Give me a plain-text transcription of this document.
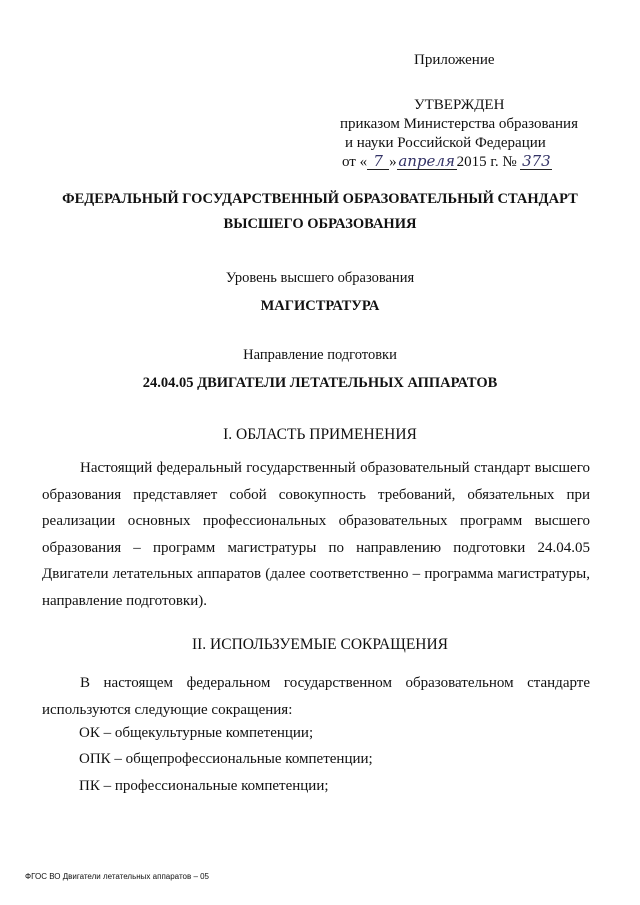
Приложение
УТВЕРЖДЕН
приказом Министерства образования
и науки Российской Федерации
от « 7 » апреля 2015 г. № 373
ФЕДЕРАЛЬНЫЙ ГОСУДАРСТВЕННЫЙ ОБРАЗОВАТЕЛЬНЫЙ СТАНДАРТ
ВЫСШЕГО ОБРАЗОВАНИЯ
Уровень высшего образования
МАГИСТРАТУРА
Направление подготовки
24.04.05 ДВИГАТЕЛИ ЛЕТАТЕЛЬНЫХ АППАРАТОВ
I. ОБЛАСТЬ ПРИМЕНЕНИЯ

Настоящий федеральный государственный образовательный стандарт высшего образования представляет собой совокупность требований, обязательных при реализации основных профессиональных образовательных программ высшего образования – программ магистратуры по направлению подготовки 24.04.05 Двигатели летательных аппаратов (далее соответственно – программа магистратуры, направление подготовки).

II. ИСПОЛЬЗУЕМЫЕ СОКРАЩЕНИЯ

В настоящем федеральном государственном образовательном стандарте используются следующие сокращения:

ОК – общекультурные компетенции;
ОПК – общепрофессиональные компетенции;
ПК – профессиональные компетенции;
ФГОС ВО Двигатели летательных аппаратов – 05
